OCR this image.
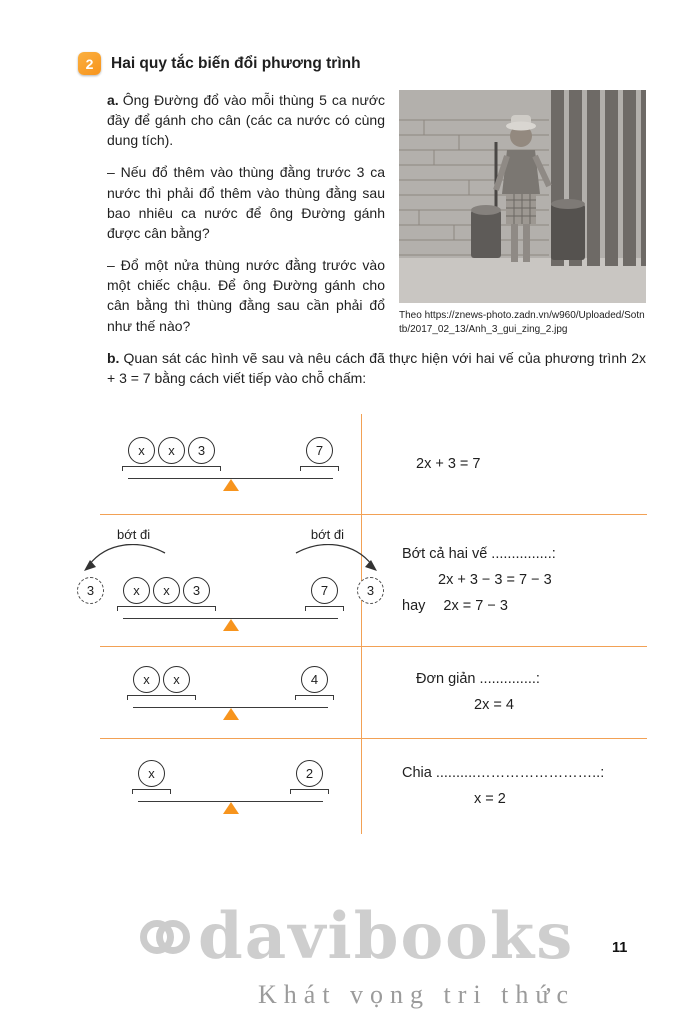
2	Hai quy tắc biến đổi phương trình

a. Ông Đường đổ vào mỗi thùng 5 ca nước đầy để gánh cho cân (các ca nước có cùng dung tích).

– Nếu đổ thêm vào thùng đằng trước 3 ca nước thì phải đổ thêm vào thùng đằng sau bao nhiêu ca nước để ông Đường gánh được cân bằng?

– Đổ một nửa thùng nước đằng trước vào một chiếc chậu. Để ông Đường gánh cho cân bằng thì thùng đằng sau cần phải đổ như thế nào?

Theo https://znews-photo.zadn.vn/w960/Uploaded/Sotntb/2017_02_13/Anh_3_gui_zing_2.jpg

b. Quan sát các hình vẽ sau và nêu cách đã thực hiện với hai vế của phương trình 2x + 3 = 7 bằng cách viết tiếp vào chỗ chấm:

x	x	3	7
2x + 3 = 7
bớt đi	bớt đi
3	3
x	x	3	7
Bớt cả hai vế ...............:
2x + 3 − 3 = 7 − 3
hay 2x = 7 − 3
x	x	4	Đơn giản ..............:
2x = 4
x	2	Chia ..........……………………..:
x = 2
davibooks
Khát vọng tri thức
11
